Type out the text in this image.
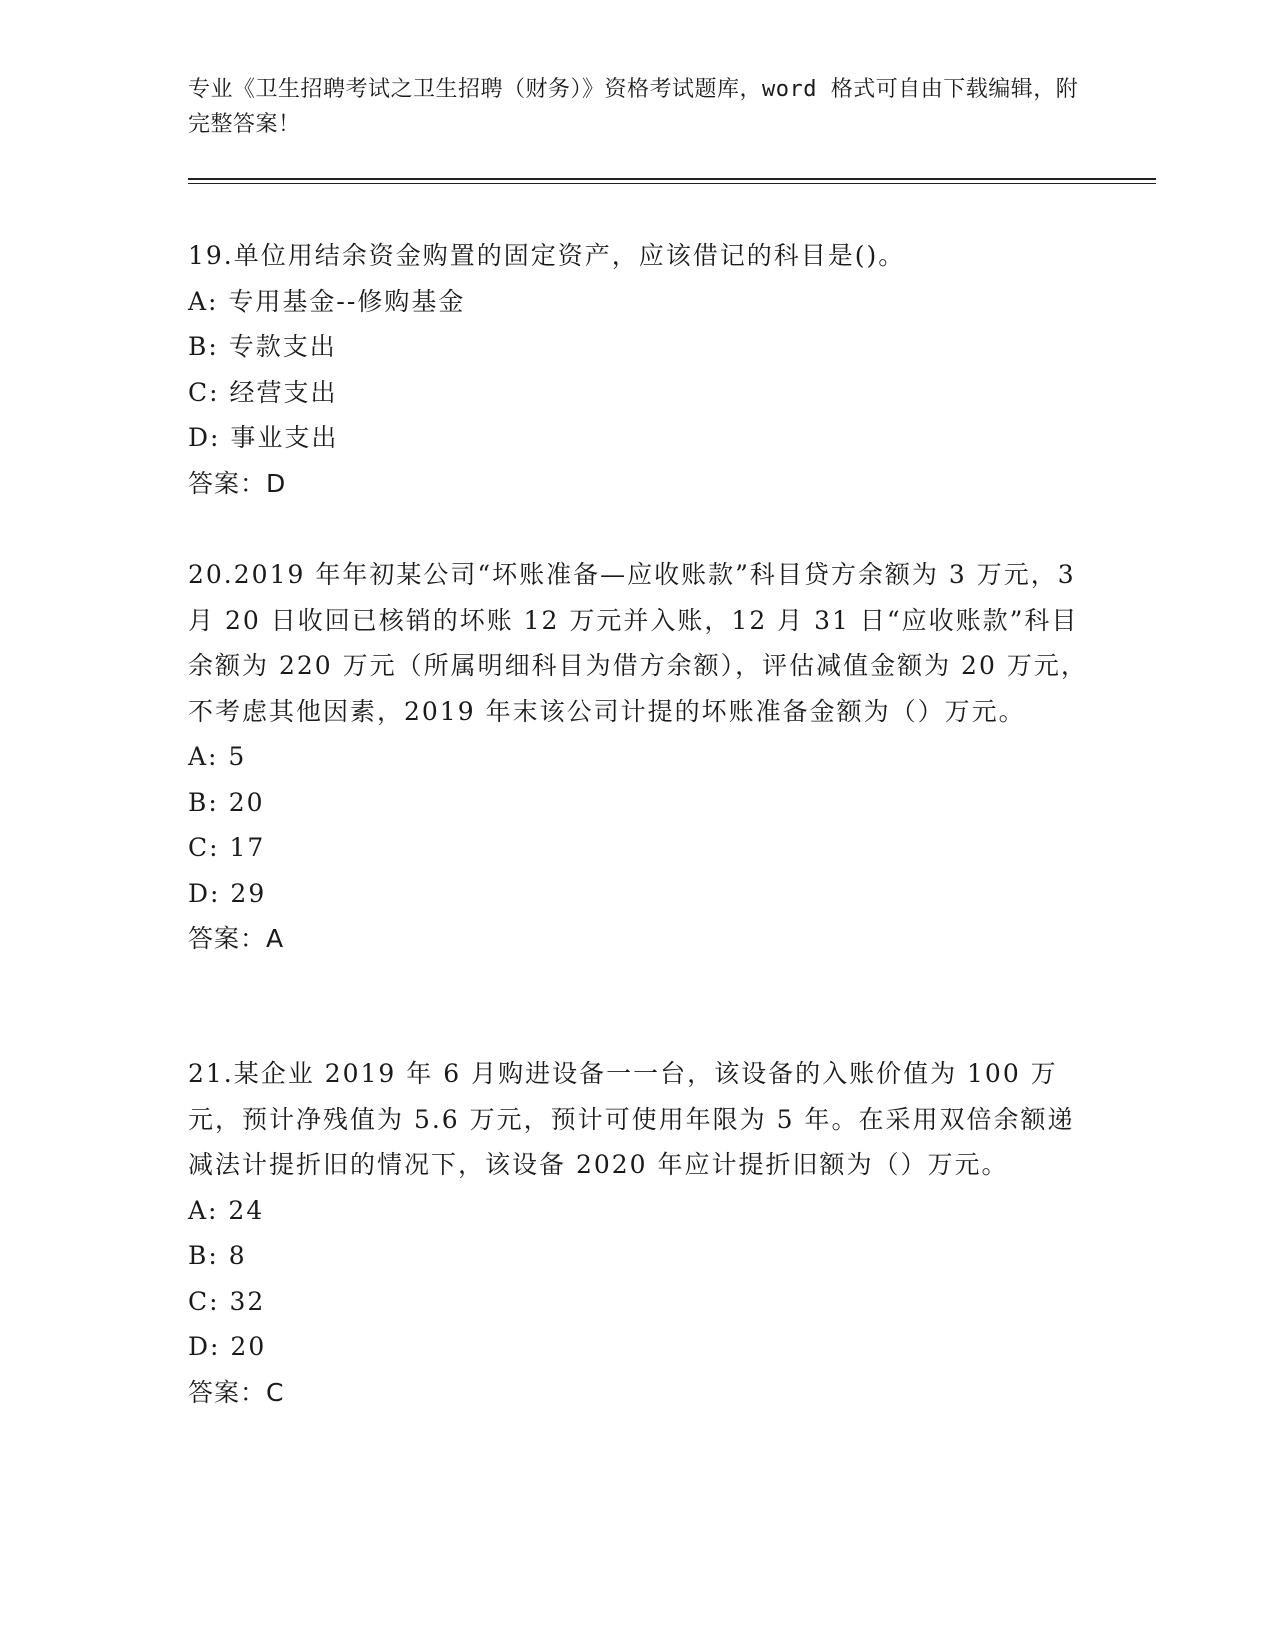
专业《卫生招聘考试之卫生招聘（财务）》资格考试题库，word 格式可自由下载编辑，附完整答案！
19.单位用结余资金购置的固定资产，应该借记的科目是()。
A: 专用基金--修购基金
B: 专款支出
C: 经营支出
D: 事业支出
答案：D
20.2019 年年初某公司“坏账准备—应收账款”科目贷方余额为 3 万元，3 月 20 日收回已核销的坏账 12 万元并入账，12 月 31 日“应收账款”科目余额为 220 万元（所属明细科目为借方余额），评估减值金额为 20 万元，不考虑其他因素，2019 年末该公司计提的坏账准备金额为（）万元。
A: 5
B: 20
C: 17
D: 29
答案：A
21.某企业 2019 年 6 月购进设备一一台，该设备的入账价值为 100 万元，预计净残值为 5.6 万元，预计可使用年限为 5 年。在采用双倍余额递减法计提折旧的情况下，该设备 2020 年应计提折旧额为（）万元。
A: 24
B: 8
C: 32
D: 20
答案：C
